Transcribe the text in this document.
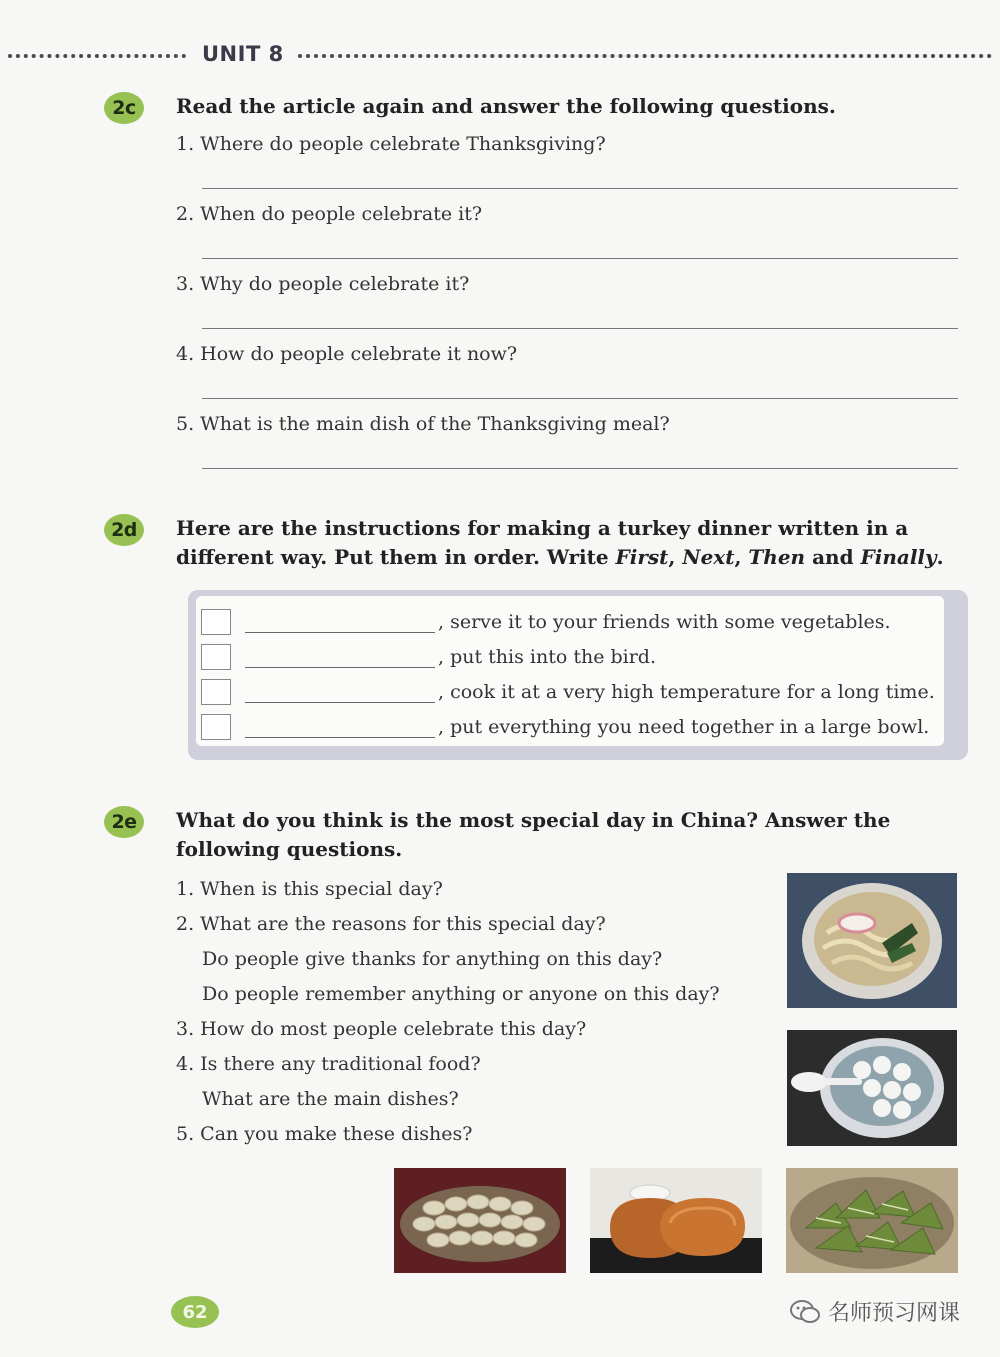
UNIT 8
2c	Read the article again and answer the following questions.
1. Where do people celebrate Thanksgiving?
2. When do people celebrate it?
3. Why do people celebrate it?
4. How do people celebrate it now?
5. What is the main dish of the Thanksgiving meal?
2d	Here are the instructions for making a turkey dinner written in a
different way. Put them in order. Write First, Next, Then and Finally.
, serve it to your friends with some vegetables.
, put this into the bird.
, cook it at a very high temperature for a long time.
, put everything you need together in a large bowl.
2e	What do you think is the most special day in China? Answer the
following questions.
1. When is this special day?
2. What are the reasons for this special day?
Do people give thanks for anything on this day?
Do people remember anything or anyone on this day?
3. How do most people celebrate this day?
4. Is there any traditional food?
What are the main dishes?
5. Can you make these dishes?
62	名师预习网课
